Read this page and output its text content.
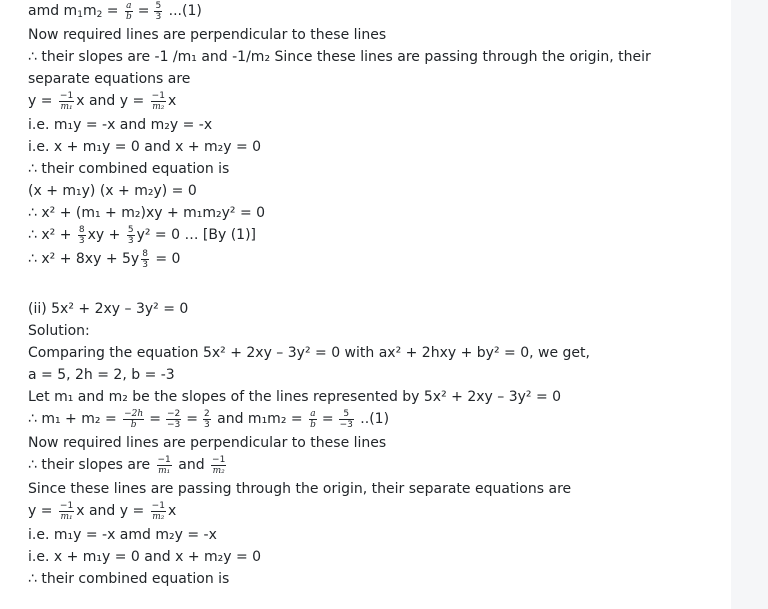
amd $m_1m_2 = \frac{a}{b} = \frac{5}{3} ...(1)$
Now required lines are perpendicular to these lines
∴ their slopes are -1 /m₁ and -1/m₂ Since these lines are passing through the origin, their
separate equations are
$y = \frac{-1}{\text{m₁}}$ x and $y = \frac{-1}{\text{m₂}}$ x
i.e. m₁y = -x and m₂y = -x
i.e. x + m₁y = 0 and x + m₂y = 0
∴ their combined equation is
(x + m₁y) (x + m₂y) = 0
∴ x² + (m₁ + m₂)xy + m₁m₂y² = 0
∴ $x^2 + \frac{8}{3}$ xy + $\frac{5}{3} y^2 = 0$ … [By (1)]
∴ $x^2 + 8xy + 5y \frac{8}{3} = 0$
(ii) 5x² + 2xy – 3y² = 0
Solution:
Comparing the equation 5x² + 2xy – 3y² = 0 with ax² + 2hxy + by² = 0, we get,
a = 5, 2h = 2, b = -3
Let m₁ and m₂ be the slopes of the lines represented by 5x² + 2xy – 3y² = 0
∴ $m_1 + m_2 = \frac{-2h}{b} = \frac{-2}{-3} = \frac{2}{3}$ and $m_1m_2 = \frac{a}{b} = \frac{5}{-3} ..(1)$
Now required lines are perpendicular to these lines
∴ their slopes are $\frac{-1}{\text{m₁}}$ and $\frac{-1}{\text{m₂}}$
Since these lines are passing through the origin, their separate equations are
$y = \frac{-1}{\text{m₁}}$ x and $y = \frac{-1}{\text{m₂}}$ x
i.e. m₁y = -x amd m₂y = -x
i.e. x + m₁y = 0 and x + m₂y = 0
∴ their combined equation is
